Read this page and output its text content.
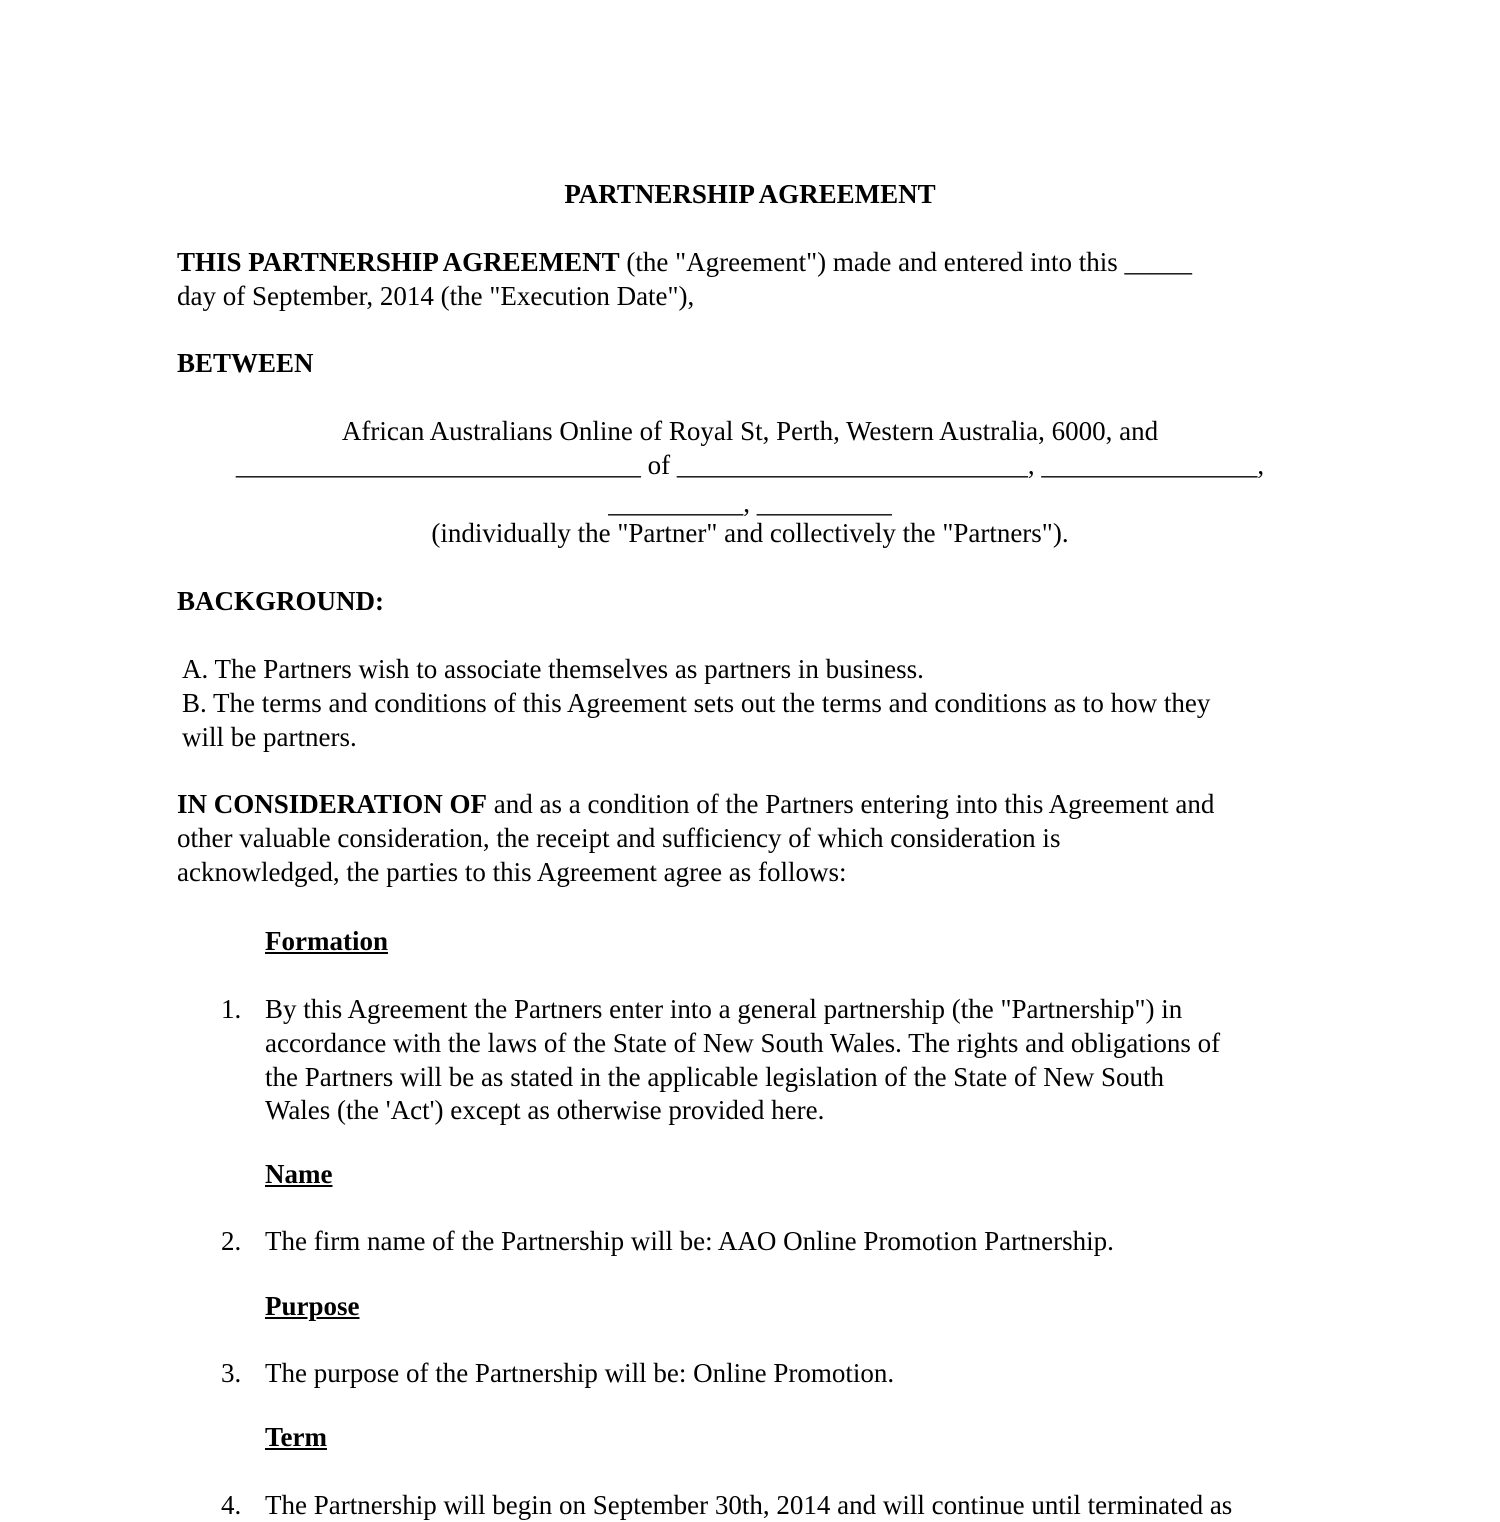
PARTNERSHIP AGREEMENT
THIS PARTNERSHIP AGREEMENT (the "Agreement") made and entered into this _____
day of September, 2014 (the "Execution Date"),
BETWEEN
African Australians Online of Royal St, Perth, Western Australia, 6000, and
______________________________ of __________________________, ________________,
__________, __________
(individually the "Partner" and collectively the "Partners").
BACKGROUND:
A. The Partners wish to associate themselves as partners in business.
B. The terms and conditions of this Agreement sets out the terms and conditions as to how they
will be partners.
IN CONSIDERATION OF and as a condition of the Partners entering into this Agreement and
other valuable consideration, the receipt and sufficiency of which consideration is
acknowledged, the parties to this Agreement agree as follows:
Formation
1. By this Agreement the Partners enter into a general partnership (the "Partnership") in
accordance with the laws of the State of New South Wales. The rights and obligations of
the Partners will be as stated in the applicable legislation of the State of New South
Wales (the 'Act') except as otherwise provided here.
Name
2. The firm name of the Partnership will be: AAO Online Promotion Partnership.
Purpose
3. The purpose of the Partnership will be: Online Promotion.
Term
4. The Partnership will begin on September 30th, 2014 and will continue until terminated as
